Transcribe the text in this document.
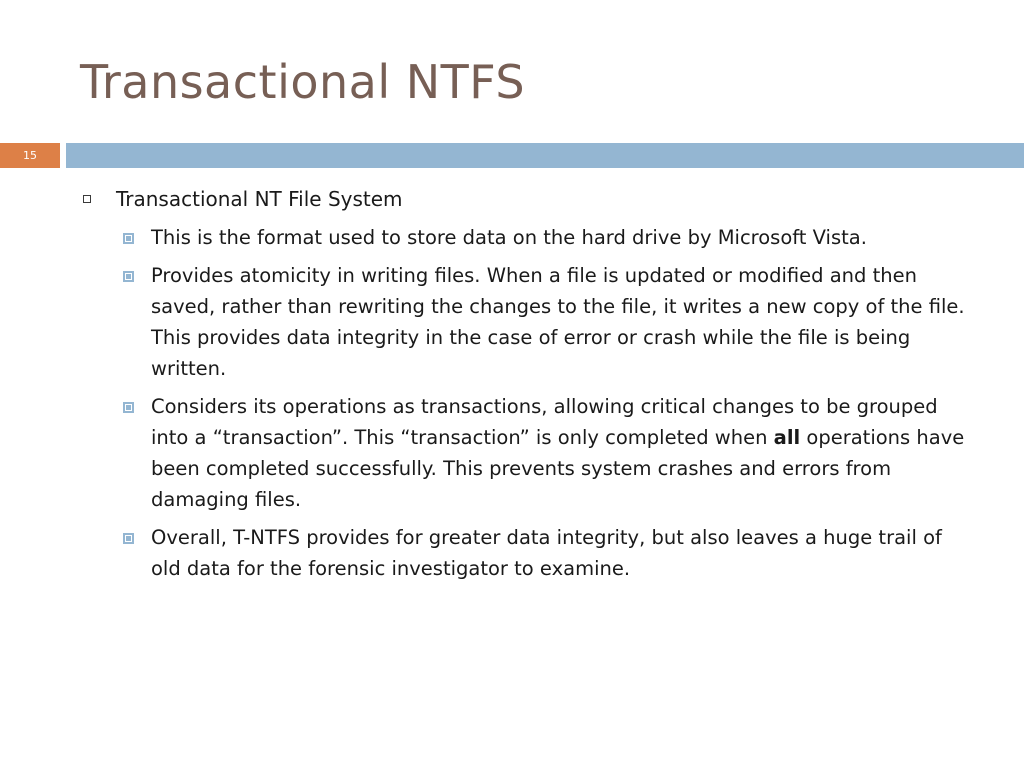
Transactional NTFS
15
Transactional NT File System
This is the format used to store data on the hard drive by Microsoft Vista.
Provides atomicity in writing files. When a file is updated or modified and then saved, rather than rewriting the changes to the file, it writes a new copy of the file. This provides data integrity in the case of error or crash while the file is being written.
Considers its operations as transactions, allowing critical changes to be grouped into a “transaction”. This “transaction” is only completed when all operations have been completed successfully. This prevents system crashes and errors from damaging files.
Overall, T-NTFS provides for greater data integrity, but also leaves a huge trail of old data for the forensic investigator to examine.
